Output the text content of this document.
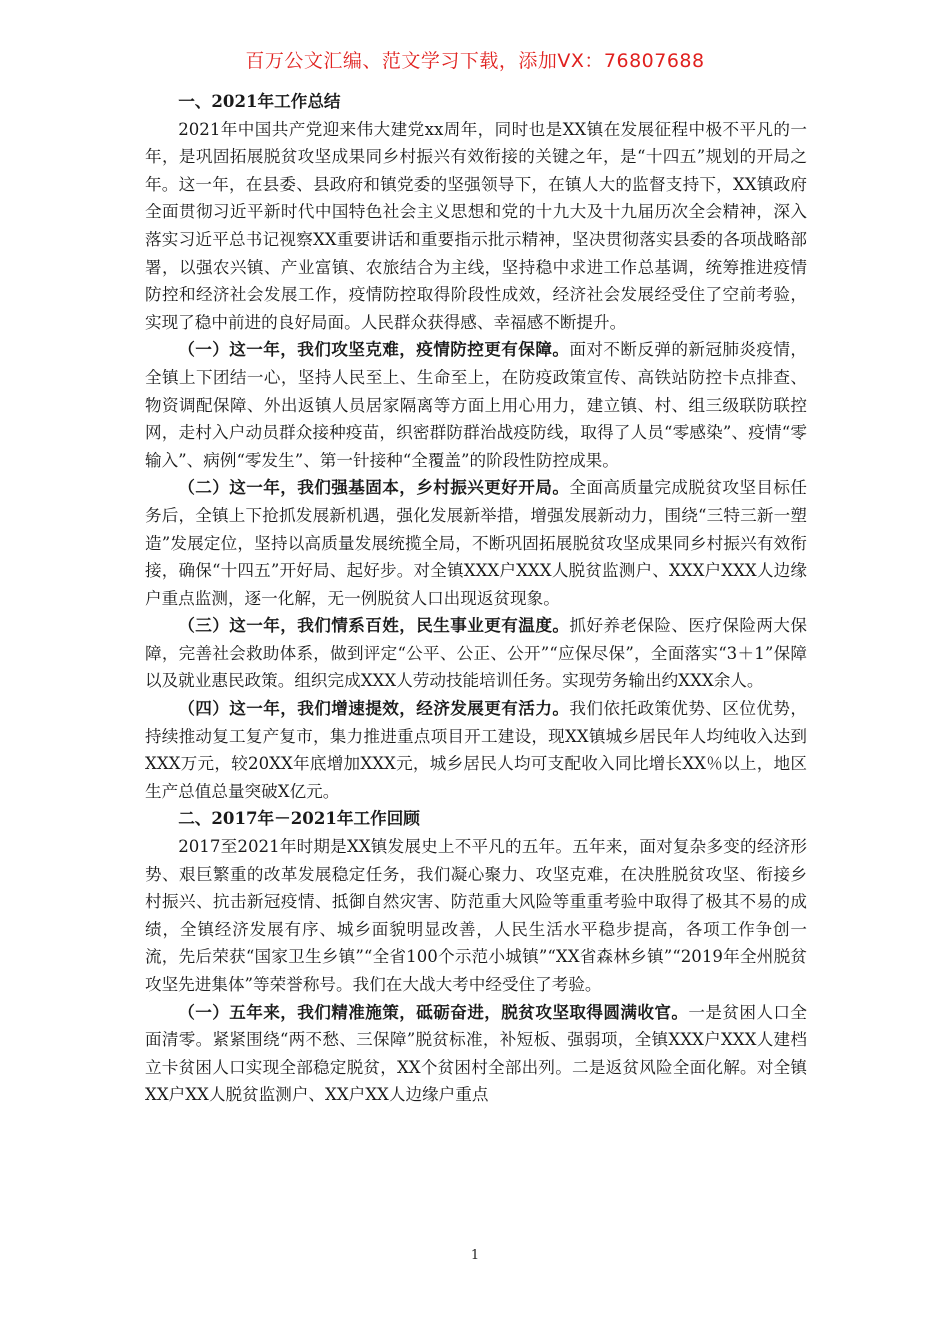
百万公文汇编、范文学习下载，添加VX：76807688

一、2021年工作总结

2021年中国共产党迎来伟大建党xx周年，同时也是XX镇在发展征程中极不平凡的一年，是巩固拓展脱贫攻坚成果同乡村振兴有效衔接的关键之年，是“十四五”规划的开局之年。这一年，在县委、县政府和镇党委的坚强领导下，在镇人大的监督支持下，XX镇政府全面贯彻习近平新时代中国特色社会主义思想和党的十九大及十九届历次全会精神，深入落实习近平总书记视察XX重要讲话和重要指示批示精神，坚决贯彻落实县委的各项战略部署，以强农兴镇、产业富镇、农旅结合为主线，坚持稳中求进工作总基调，统筹推进疫情防控和经济社会发展工作，疫情防控取得阶段性成效，经济社会发展经受住了空前考验，实现了稳中前进的良好局面。人民群众获得感、幸福感不断提升。

（一）这一年，我们攻坚克难，疫情防控更有保障。面对不断反弹的新冠肺炎疫情，全镇上下团结一心，坚持人民至上、生命至上，在防疫政策宣传、高铁站防控卡点排查、物资调配保障、外出返镇人员居家隔离等方面上用心用力，建立镇、村、组三级联防联控网，走村入户动员群众接种疫苗，织密群防群治战疫防线，取得了人员“零感染”、疫情“零输入”、病例“零发生”、第一针接种“全覆盖”的阶段性防控成果。

（二）这一年，我们强基固本，乡村振兴更好开局。全面高质量完成脱贫攻坚目标任务后，全镇上下抢抓发展新机遇，强化发展新举措，增强发展新动力，围绕“三特三新一塑造”发展定位，坚持以高质量发展统揽全局，不断巩固拓展脱贫攻坚成果同乡村振兴有效衔接，确保“十四五”开好局、起好步。对全镇XXX户XXX人脱贫监测户、XXX户XXX人边缘户重点监测，逐一化解，无一例脱贫人口出现返贫现象。

（三）这一年，我们情系百姓，民生事业更有温度。抓好养老保险、医疗保险两大保障，完善社会救助体系，做到评定“公平、公正、公开”“应保尽保”，全面落实“3＋1”保障以及就业惠民政策。组织完成XXX人劳动技能培训任务。实现劳务输出约XXX余人。

（四）这一年，我们增速提效，经济发展更有活力。我们依托政策优势、区位优势，持续推动复工复产复市，集力推进重点项目开工建设，现XX镇城乡居民年人均纯收入达到XXX万元，较20XX年底增加XXX元，城乡居民人均可支配收入同比增长XX％以上，地区生产总值总量突破X亿元。

二、2017年－2021年工作回顾

2017至2021年时期是XX镇发展史上不平凡的五年。五年来，面对复杂多变的经济形势、艰巨繁重的改革发展稳定任务，我们凝心聚力、攻坚克难，在决胜脱贫攻坚、衔接乡村振兴、抗击新冠疫情、抵御自然灾害、防范重大风险等重重考验中取得了极其不易的成绩，全镇经济发展有序、城乡面貌明显改善，人民生活水平稳步提高，各项工作争创一流，先后荣获“国家卫生乡镇”“全省100个示范小城镇”“XX省森林乡镇”“2019年全州脱贫攻坚先进集体”等荣誉称号。我们在大战大考中经受住了考验。

（一）五年来，我们精准施策，砥砺奋进，脱贫攻坚取得圆满收官。一是贫困人口全面清零。紧紧围绕“两不愁、三保障”脱贫标准，补短板、强弱项，全镇XXX户XXX人建档立卡贫困人口实现全部稳定脱贫，XX个贫困村全部出列。二是返贫风险全面化解。对全镇XX户XX人脱贫监测户、XX户XX人边缘户重点

1
